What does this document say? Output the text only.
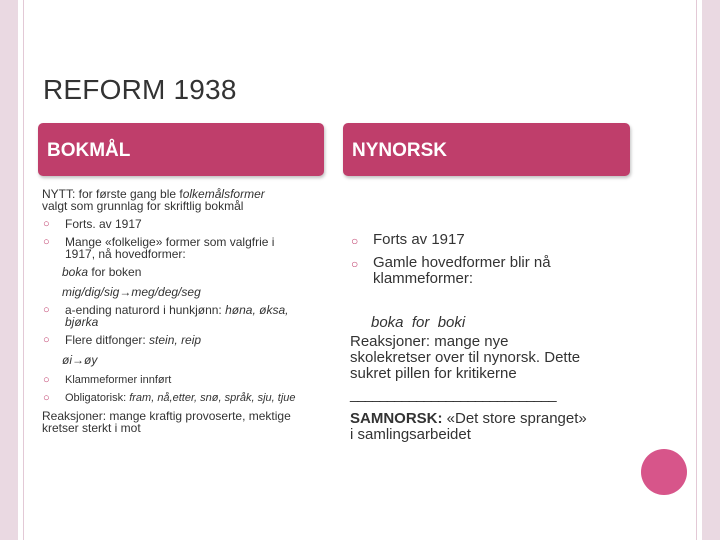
REFORM 1938
BOKMÅL	NYNORSK

NYTT: for første gang ble folkemålsformer

valgt som grunnlag for skriftlig bokmål

○ Forts. av 1917
○ Mange «folkelige» former som valgfrie i
1917, nå hovedformer:

boka for boken

mig/dig/sig→meg/deg/seg

○ a-ending naturord i hunkjønn: høna, øksa,
bjørka
○ Flere ditfonger: stein, reip

øi→øy

○ Klammeformer innført
○ Obligatorisk: fram, nå,etter, snø, språk, sju, tjue

Reaksjoner: mange kraftig provoserte, mektige

kretser sterkt i mot

○ Forts av 1917
○ Gamle hovedformer blir nå
klammeformer:

boka  for  boki

Reaksjoner: mange nye

skolekretser over til nynorsk. Dette

sukret pillen for kritikerne

____________________________

SAMNORSK: «Det store spranget»

i samlingsarbeidet
